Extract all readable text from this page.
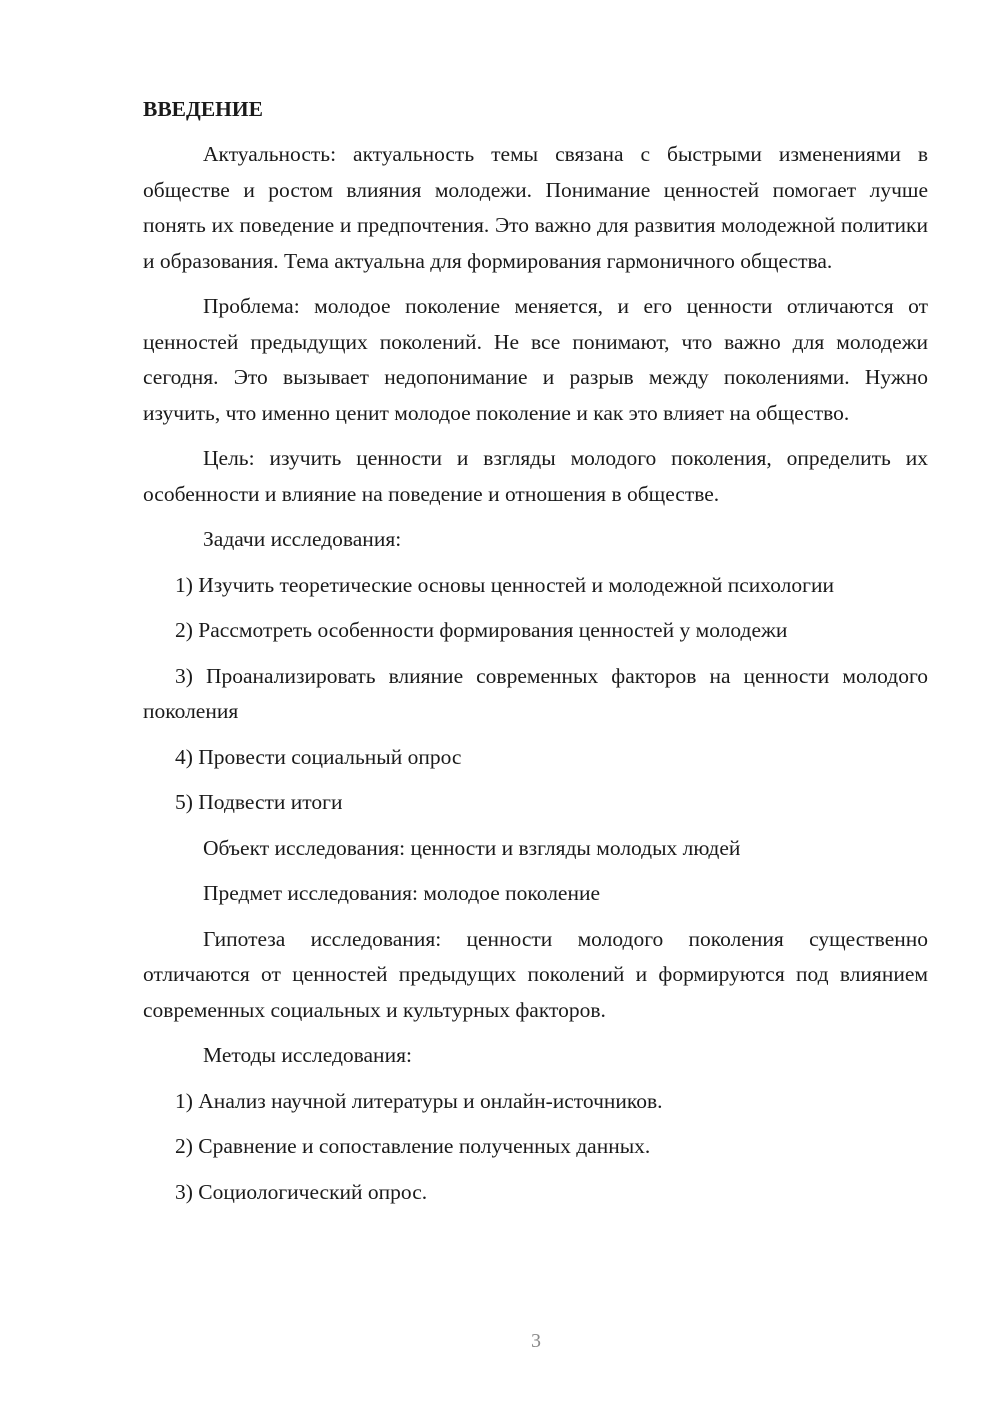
ВВЕДЕНИЕ

Актуальность: актуальность темы связана с быстрыми изменениями в обществе и ростом влияния молодежи. Понимание ценностей помогает лучше понять их поведение и предпочтения. Это важно для развития молодежной политики и образования. Тема актуальна для формирования гармоничного общества.

Проблема: молодое поколение меняется, и его ценности отличаются от ценностей предыдущих поколений. Не все понимают, что важно для молодежи сегодня. Это вызывает недопонимание и разрыв между поколениями. Нужно изучить, что именно ценит молодое поколение и как это влияет на общество.

Цель: изучить ценности и взгляды молодого поколения, определить их особенности и влияние на поведение и отношения в обществе.

Задачи исследования:

1) Изучить теоретические основы ценностей и молодежной психологии

2) Рассмотреть особенности формирования ценностей у молодежи

3) Проанализировать влияние современных факторов на ценности молодого поколения

4) Провести социальный опрос

5) Подвести итоги

Объект исследования: ценности и взгляды молодых людей

Предмет исследования: молодое поколение

Гипотеза исследования: ценности молодого поколения существенно отличаются от ценностей предыдущих поколений и формируются под влиянием современных социальных и культурных факторов.

Методы исследования:

1) Анализ научной литературы и онлайн-источников.

2) Сравнение и сопоставление полученных данных.

3) Социологический опрос.

3
